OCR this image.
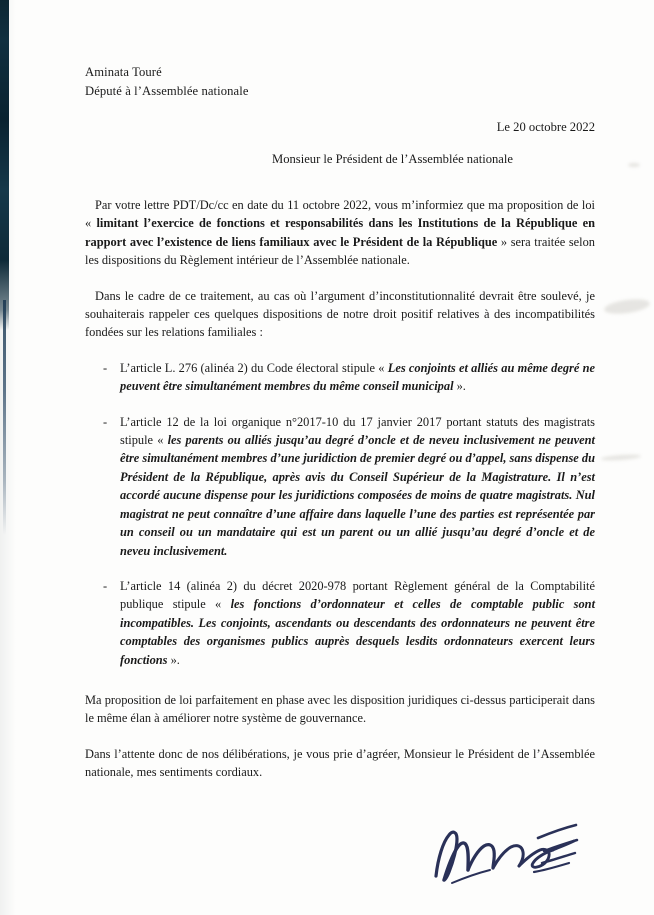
Aminata Touré
Député à l’Assemblée nationale
Le 20 octobre 2022
Monsieur le Président de l’Assemblée nationale

Par votre lettre PDT/Dc/cc en date du 11 octobre 2022, vous m’informiez que ma proposition de loi « limitant l’exercice de fonctions et responsabilités dans les Institutions de la République en rapport avec l’existence de liens familiaux avec le Président de la République » sera traitée selon les dispositions du Règlement intérieur de l’Assemblée nationale.

Dans le cadre de ce traitement, au cas où l’argument d’inconstitutionnalité devrait être soulevé, je souhaiterais rappeler ces quelques dispositions de notre droit positif relatives à des incompatibilités fondées sur les relations familiales :

- L’article L. 276 (alinéa 2) du Code électoral stipule « Les conjoints et alliés au même degré ne peuvent être simultanément membres du même conseil municipal ».
- L’article 12 de la loi organique n°2017-10 du 17 janvier 2017 portant statuts des magistrats stipule « les parents ou alliés jusqu’au degré d’oncle et de neveu inclusivement ne peuvent être simultanément membres d’une juridiction de premier degré ou d’appel, sans dispense du Président de la République, après avis du Conseil Supérieur de la Magistrature. Il n’est accordé aucune dispense pour les juridictions composées de moins de quatre magistrats. Nul magistrat ne peut connaître d’une affaire dans laquelle l’une des parties est représentée par un conseil ou un mandataire qui est un parent ou un allié jusqu’au degré d’oncle et de neveu inclusivement.
- L’article 14 (alinéa 2) du décret 2020-978 portant Règlement général de la Comptabilité publique stipule « les fonctions d’ordonnateur et celles de comptable public sont incompatibles. Les conjoints, ascendants ou descendants des ordonnateurs ne peuvent être comptables des organismes publics auprès desquels lesdits ordonnateurs exercent leurs fonctions ».

Ma proposition de loi parfaitement en phase avec les disposition juridiques ci-dessus participerait dans le même élan à améliorer notre système de gouvernance.

Dans l’attente donc de nos délibérations, je vous prie d’agréer, Monsieur le Président de l’Assemblée nationale, mes sentiments cordiaux.
